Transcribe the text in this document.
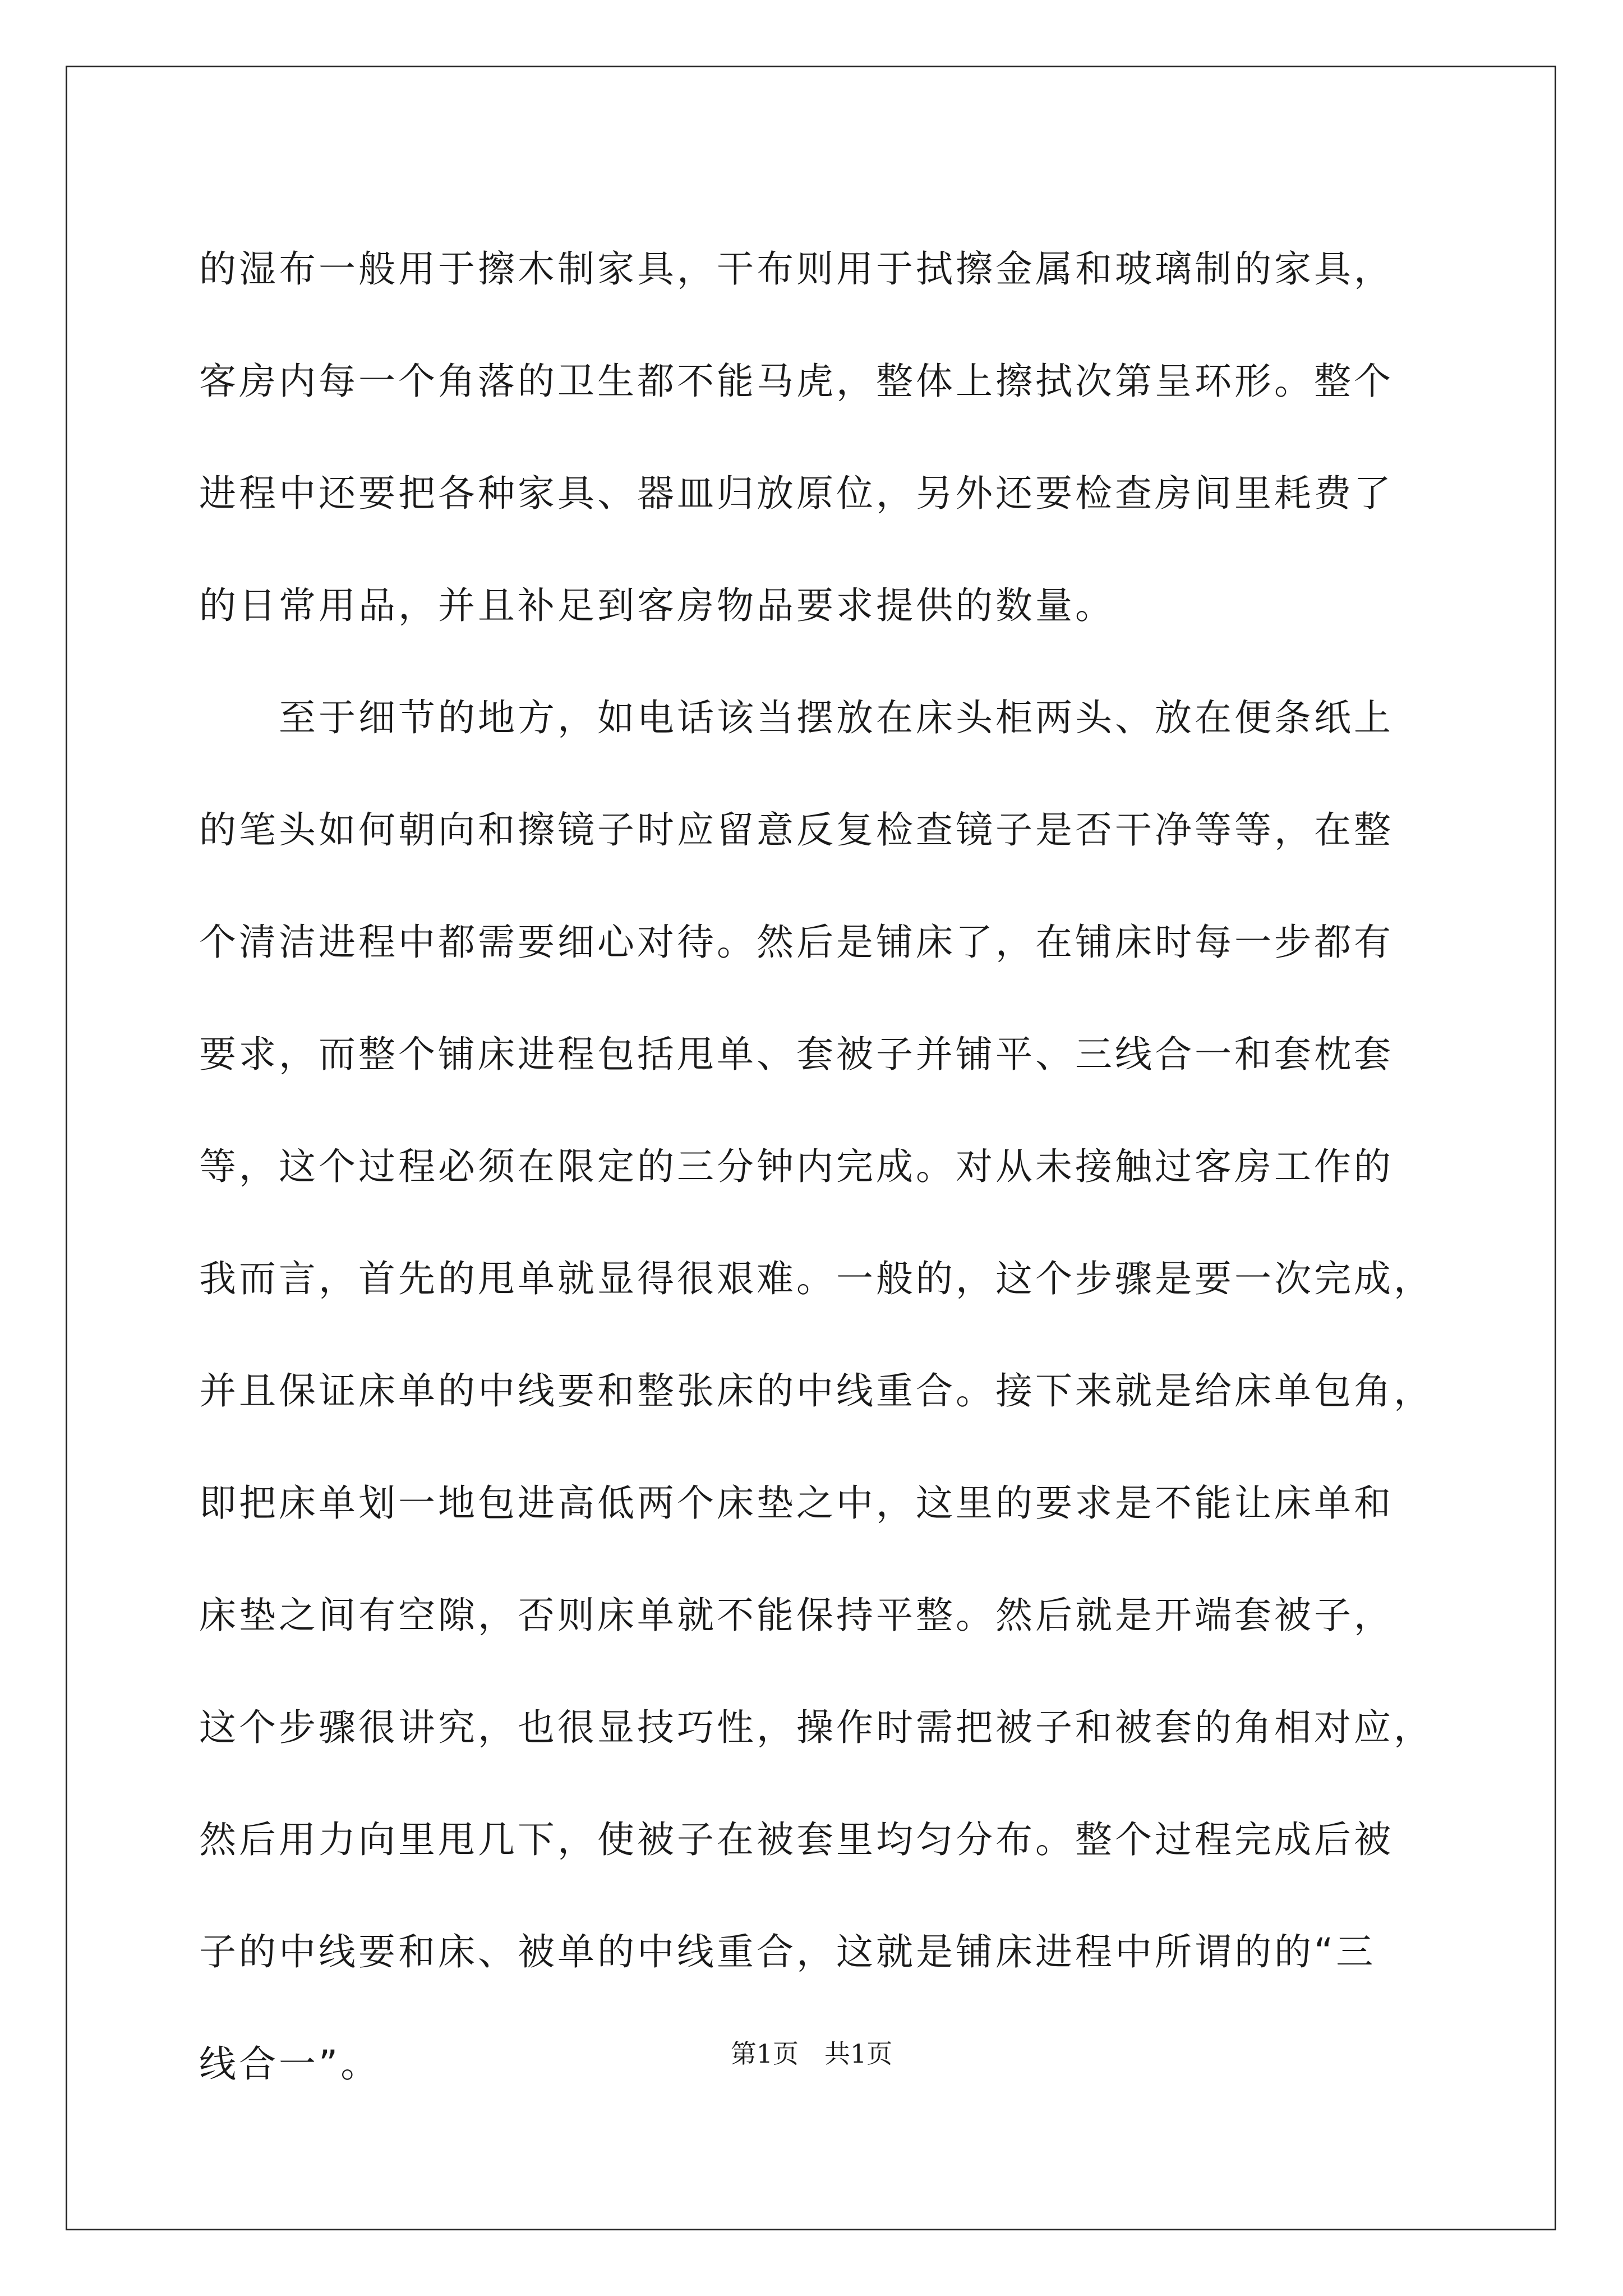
的湿布一般用于擦木制家具，干布则用于拭擦金属和玻璃制的家具，
客房内每一个角落的卫生都不能马虎，整体上擦拭次第呈环形。整个
进程中还要把各种家具、器皿归放原位，另外还要检查房间里耗费了
的日常用品，并且补足到客房物品要求提供的数量。
　　至于细节的地方，如电话该当摆放在床头柜两头、放在便条纸上
的笔头如何朝向和擦镜子时应留意反复检查镜子是否干净等等，在整
个清洁进程中都需要细心对待。然后是铺床了，在铺床时每一步都有
要求，而整个铺床进程包括甩单、套被子并铺平、三线合一和套枕套
等，这个过程必须在限定的三分钟内完成。对从未接触过客房工作的
我而言，首先的甩单就显得很艰难。一般的，这个步骤是要一次完成，
并且保证床单的中线要和整张床的中线重合。接下来就是给床单包角，
即把床单划一地包进高低两个床垫之中，这里的要求是不能让床单和
床垫之间有空隙，否则床单就不能保持平整。然后就是开端套被子，
这个步骤很讲究，也很显技巧性，操作时需把被子和被套的角相对应，
然后用力向里甩几下，使被子在被套里均匀分布。整个过程完成后被
子的中线要和床、被单的中线重合，这就是铺床进程中所谓的的“三
线合一”。	第1页　共1页
